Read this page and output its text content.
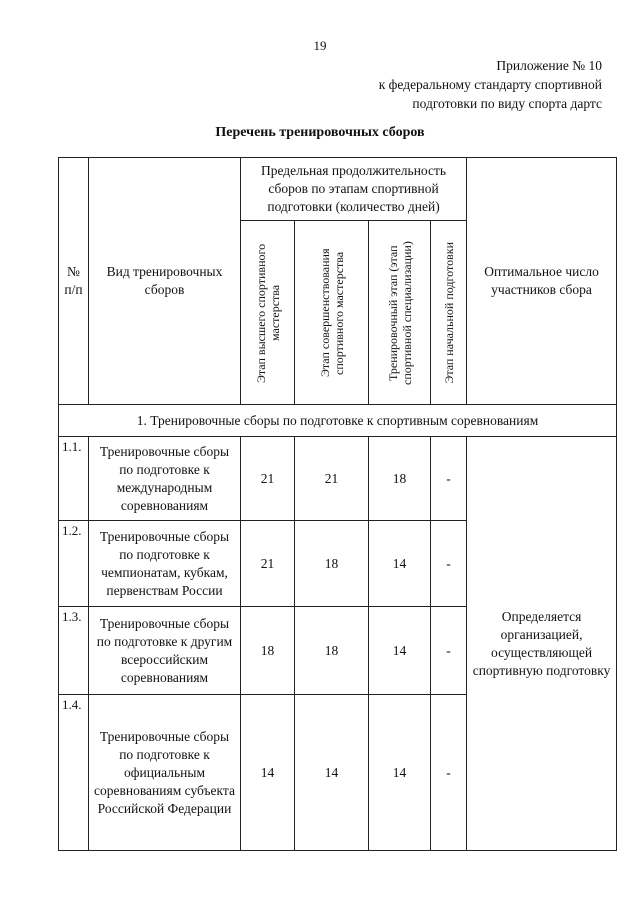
19
Приложение № 10
к федеральному стандарту спортивной
подготовки по виду спорта дартс
Перечень тренировочных сборов
№ п/п	Вид тренировочных сборов	Предельная продолжительность сборов по этапам спортивной подготовки (количество дней)				Оптимальное число участников сбора

		Этап высшего спортивного мастерства	Этап совершенствования спортивного мастерства	Тренировочный этап (этап спортивной специализации)	Этап начальной подготовки	

1. Тренировочные сборы по подготовке к спортивным соревнованиям						
1.1.	Тренировочные сборы по подготовке к международным соревнованиям	21	21	18	-	Определяется организацией, осуществляющей спортивную подготовку

1.2.	Тренировочные сборы по подготовке к чемпионатам, кубкам, первенствам России	21	18	14	-	
1.3.	Тренировочные сборы по подготовке к другим всероссийским соревнованиям	18	18	14	-	
1.4.	Тренировочные сборы по подготовке к официальным соревнованиям субъекта Российской Федерации	14	14	14	-	
